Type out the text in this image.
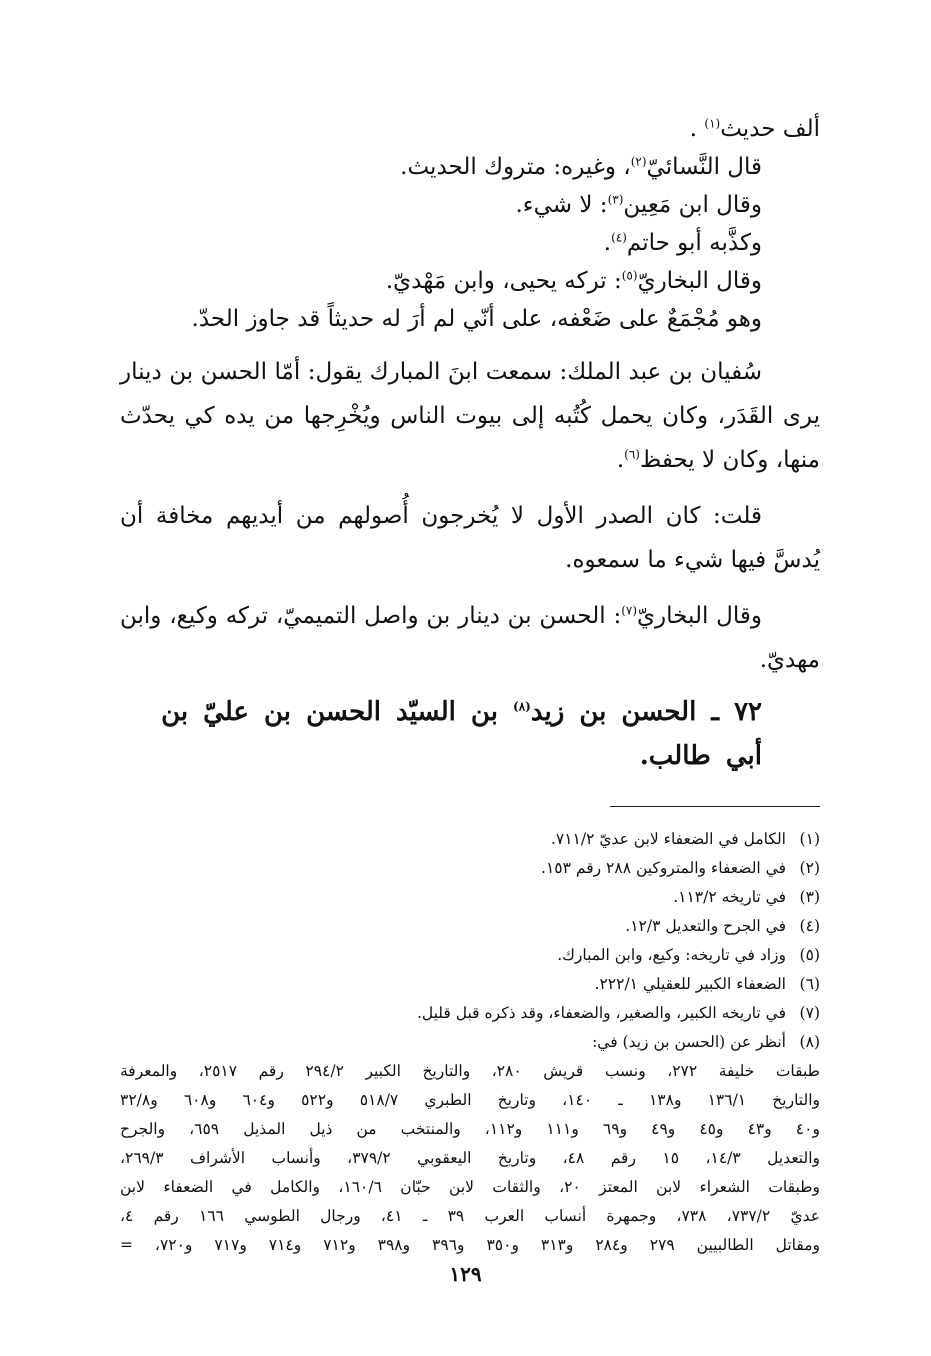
ألف حديث$^{(١)}$ .
قال النَّسائيّ$^{(٢)}$، وغيره: متروك الحديث.
وقال ابن مَعِين$^{(٣)}$: لا شيء.
وكذَّبه أبو حاتم$^{(٤)}$.
وقال البخاريّ$^{(٥)}$: تركه يحيى، وابن مَهْديّ.
وهو مُجْمَعٌ على ضَعْفه، على أنّي لم أرَ له حديثاً قد جاوز الحدّ.
سُفيان بن عبد الملك: سمعت ابنَ المبارك يقول: أمّا الحسن بن دينار يرى القَدَر، وكان يحمل كُتُبه إلى بيوت الناس ويُخْرِجها من يده كي يحدّث منها، وكان لا يحفظ$^{(٦)}$.
قلت: كان الصدر الأول لا يُخرجون أُصولهم من أيديهم مخافة أن يُدسَّ فيها شيء ما سمعوه.
وقال البخاريّ$^{(٧)}$: الحسن بن دينار بن واصل التميميّ، تركه وكيع، وابن مهديّ.
٧٢ ـ الحسن بن زيد$^{(٨)}$ بن السيّد الحسن بن عليّ بن أبي طالب.
(١)الكامل في الضعفاء لابن عديّ ٧١١/٢.
(٢)في الضعفاء والمتروكين ٢٨٨ رقم ١٥٣.
(٣)في تاريخه ١١٣/٢.
(٤)في الجرح والتعديل ١٢/٣.
(٥)وزاد في تاريخه: وكيع، وابن المبارك.
(٦)الضعفاء الكبير للعقيلي ٢٢٢/١.
(٧)في تاريخه الكبير، والصغير، والضعفاء، وقد ذكره قبل قليل.
(٨)أنظر عن (الحسن بن زيد) في:
طبقات خليفة ٢٧٢، ونسب قريش ٢٨٠، والتاريخ الكبير ٢٩٤/٢ رقم ٢٥١٧، والمعرفة
والتاريخ ١٣٦/١ و١٣٨ ـ ١٤٠، وتاريخ الطبري ٥١٨/٧ و٥٢٢ و٦٠٤ و٦٠٨ و٣٢/٨
و٤٠ و٤٣ و٤٥ و٤٩ و٦٩ و١١١ و١١٢، والمنتخب من ذيل المذيل ٦٥٩، والجرح
والتعديل ١٤/٣، ١٥ رقم ٤٨، وتاريخ اليعقوبي ٣٧٩/٢، وأنساب الأشراف ٢٦٩/٣،
وطبقات الشعراء لابن المعتز ٢٠، والثقات لابن حبّان ١٦٠/٦، والكامل في الضعفاء لابن
عديّ ٧٣٧/٢، ٧٣٨، وجمهرة أنساب العرب ٣٩ ـ ٤١، ورجال الطوسي ١٦٦ رقم ٤،
ومقاتل الطالبيين ٢٧٩ و٢٨٤ و٣١٣ و٣٥٠ و٣٩٦ و٣٩٨ و٧١٢ و٧١٤ و٧١٧ و٧٢٠، =
١٢٩
